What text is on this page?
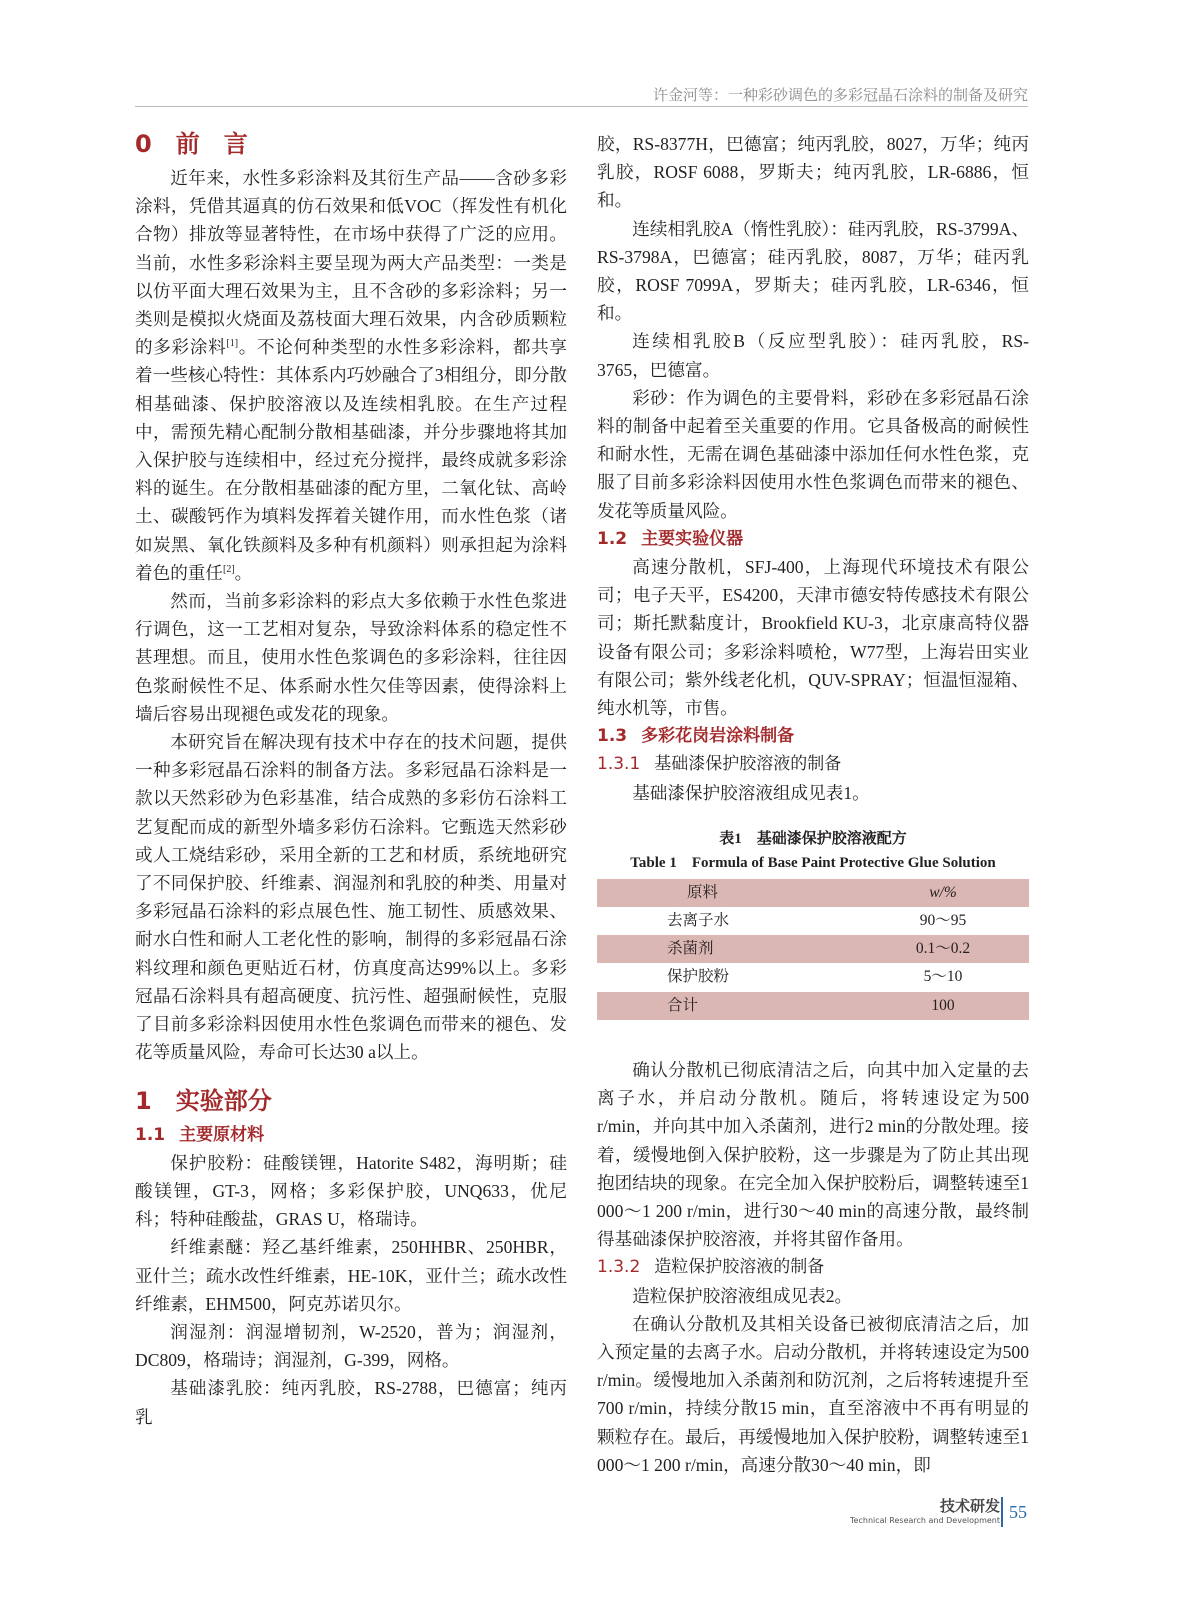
许金河等：一种彩砂调色的多彩冠晶石涂料的制备及研究
0　前　言

近年来，水性多彩涂料及其衍生产品——含砂多彩涂料，凭借其逼真的仿石效果和低VOC（挥发性有机化合物）排放等显著特性，在市场中获得了广泛的应用。当前，水性多彩涂料主要呈现为两大产品类型：一类是以仿平面大理石效果为主，且不含砂的多彩涂料；另一类则是模拟火烧面及荔枝面大理石效果，内含砂质颗粒的多彩涂料[1]。不论何种类型的水性多彩涂料，都共享着一些核心特性：其体系内巧妙融合了3相组分，即分散相基础漆、保护胶溶液以及连续相乳胶。在生产过程中，需预先精心配制分散相基础漆，并分步骤地将其加入保护胶与连续相中，经过充分搅拌，最终成就多彩涂料的诞生。在分散相基础漆的配方里，二氧化钛、高岭土、碳酸钙作为填料发挥着关键作用，而水性色浆（诸如炭黑、氧化铁颜料及多种有机颜料）则承担起为涂料着色的重任[2]。

然而，当前多彩涂料的彩点大多依赖于水性色浆进行调色，这一工艺相对复杂，导致涂料体系的稳定性不甚理想。而且，使用水性色浆调色的多彩涂料，往往因色浆耐候性不足、体系耐水性欠佳等因素，使得涂料上墙后容易出现褪色或发花的现象。

本研究旨在解决现有技术中存在的技术问题，提供一种多彩冠晶石涂料的制备方法。多彩冠晶石涂料是一款以天然彩砂为色彩基准，结合成熟的多彩仿石涂料工艺复配而成的新型外墙多彩仿石涂料。它甄选天然彩砂或人工烧结彩砂，采用全新的工艺和材质，系统地研究了不同保护胶、纤维素、润湿剂和乳胶的种类、用量对多彩冠晶石涂料的彩点展色性、施工韧性、质感效果、耐水白性和耐人工老化性的影响，制得的多彩冠晶石涂料纹理和颜色更贴近石材，仿真度高达99%以上。多彩冠晶石涂料具有超高硬度、抗污性、超强耐候性，克服了目前多彩涂料因使用水性色浆调色而带来的褪色、发花等质量风险，寿命可长达30 a以上。

1　实验部分
1.1 主要原材料

保护胶粉：硅酸镁锂，Hatorite S482，海明斯；硅酸镁锂，GT-3，网格；多彩保护胶，UNQ633，优尼科；特种硅酸盐，GRAS U，格瑞诗。

纤维素醚：羟乙基纤维素，250HHBR、250HBR，亚什兰；疏水改性纤维素，HE-10K，亚什兰；疏水改性纤维素，EHM500，阿克苏诺贝尔。

润湿剂：润湿增韧剂，W-2520，普为；润湿剂，DC809，格瑞诗；润湿剂，G-399，网格。

基础漆乳胶：纯丙乳胶，RS-2788，巴德富；纯丙乳

胶，RS-8377H，巴德富；纯丙乳胶，8027，万华；纯丙乳胶，ROSF 6088，罗斯夫；纯丙乳胶，LR-6886，恒和。

连续相乳胶A（惰性乳胶）：硅丙乳胶，RS-3799A、RS-3798A，巴德富；硅丙乳胶，8087，万华；硅丙乳胶，ROSF 7099A，罗斯夫；硅丙乳胶，LR-6346，恒和。

连续相乳胶B（反应型乳胶）：硅丙乳胶，RS-3765，巴德富。

彩砂：作为调色的主要骨料，彩砂在多彩冠晶石涂料的制备中起着至关重要的作用。它具备极高的耐候性和耐水性，无需在调色基础漆中添加任何水性色浆，克服了目前多彩涂料因使用水性色浆调色而带来的褪色、发花等质量风险。

1.2 主要实验仪器

高速分散机，SFJ-400，上海现代环境技术有限公司；电子天平，ES4200，天津市德安特传感技术有限公司；斯托默黏度计，Brookfield KU-3，北京康高特仪器设备有限公司；多彩涂料喷枪，W77型，上海岩田实业有限公司；紫外线老化机，QUV-SPRAY；恒温恒湿箱、纯水机等，市售。

1.3 多彩花岗岩涂料制备
1.3.1 基础漆保护胶溶液的制备

基础漆保护胶溶液组成见表1。

表1　基础漆保护胶溶液配方
Table 1　Formula of Base Paint Protective Glue Solution
原料	w/%
去离子水	90～95
杀菌剂	0.1～0.2
保护胶粉	5～10
合计	100

确认分散机已彻底清洁之后，向其中加入定量的去离子水，并启动分散机。随后，将转速设定为500 r/min，并向其中加入杀菌剂，进行2 min的分散处理。接着，缓慢地倒入保护胶粉，这一步骤是为了防止其出现抱团结块的现象。在完全加入保护胶粉后，调整转速至1 000～1 200 r/min，进行30～40 min的高速分散，最终制得基础漆保护胶溶液，并将其留作备用。

1.3.2 造粒保护胶溶液的制备

造粒保护胶溶液组成见表2。

在确认分散机及其相关设备已被彻底清洁之后，加入预定量的去离子水。启动分散机，并将转速设定为500 r/min。缓慢地加入杀菌剂和防沉剂，之后将转速提升至700 r/min，持续分散15 min，直至溶液中不再有明显的颗粒存在。最后，再缓慢地加入保护胶粉，调整转速至1 000～1 200 r/min，高速分散30～40 min，即

技术研发
Technical Research and Development 55
